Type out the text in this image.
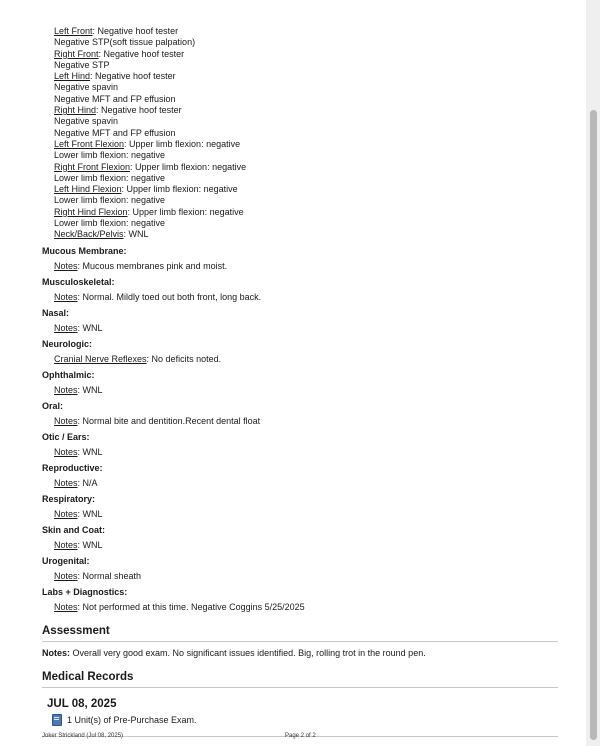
Left Front: Negative hoof tester
Negative STP(soft tissue palpation)
Right Front: Negative hoof tester
Negative STP
Left Hind: Negative hoof tester
Negative spavin
Negative MFT and FP effusion
Right Hind: Negative hoof tester
Negative spavin
Negative MFT and FP effusion
Left Front Flexion: Upper limb flexion: negative
Lower limb flexion: negative
Right Front Flexion: Upper limb flexion: negative
Lower limb flexion: negative
Left Hind Flexion: Upper limb flexion: negative
Lower limb flexion: negative
Right Hind Flexion: Upper limb flexion: negative
Lower limb flexion: negative
Neck/Back/Pelvis: WNL
Mucous Membrane:
Notes: Mucous membranes pink and moist.
Musculoskeletal:
Notes: Normal. Mildly toed out both front, long back.
Nasal:
Notes: WNL
Neurologic:
Cranial Nerve Reflexes: No deficits noted.
Ophthalmic:
Notes: WNL
Oral:
Notes: Normal bite and dentition.Recent dental float
Otic / Ears:
Notes: WNL
Reproductive:
Notes: N/A
Respiratory:
Notes: WNL
Skin and Coat:
Notes: WNL
Urogenital:
Notes: Normal sheath
Labs + Diagnostics:
Notes: Not performed at this time. Negative Coggins 5/25/2025
Assessment
Notes: Overall very good exam. No significant issues identified. Big, rolling trot in the round pen.
Medical Records
JUL 08, 2025
1 Unit(s) of Pre-Purchase Exam.
Joker Strickland (Jul 08, 2025)	Page 2 of 2
